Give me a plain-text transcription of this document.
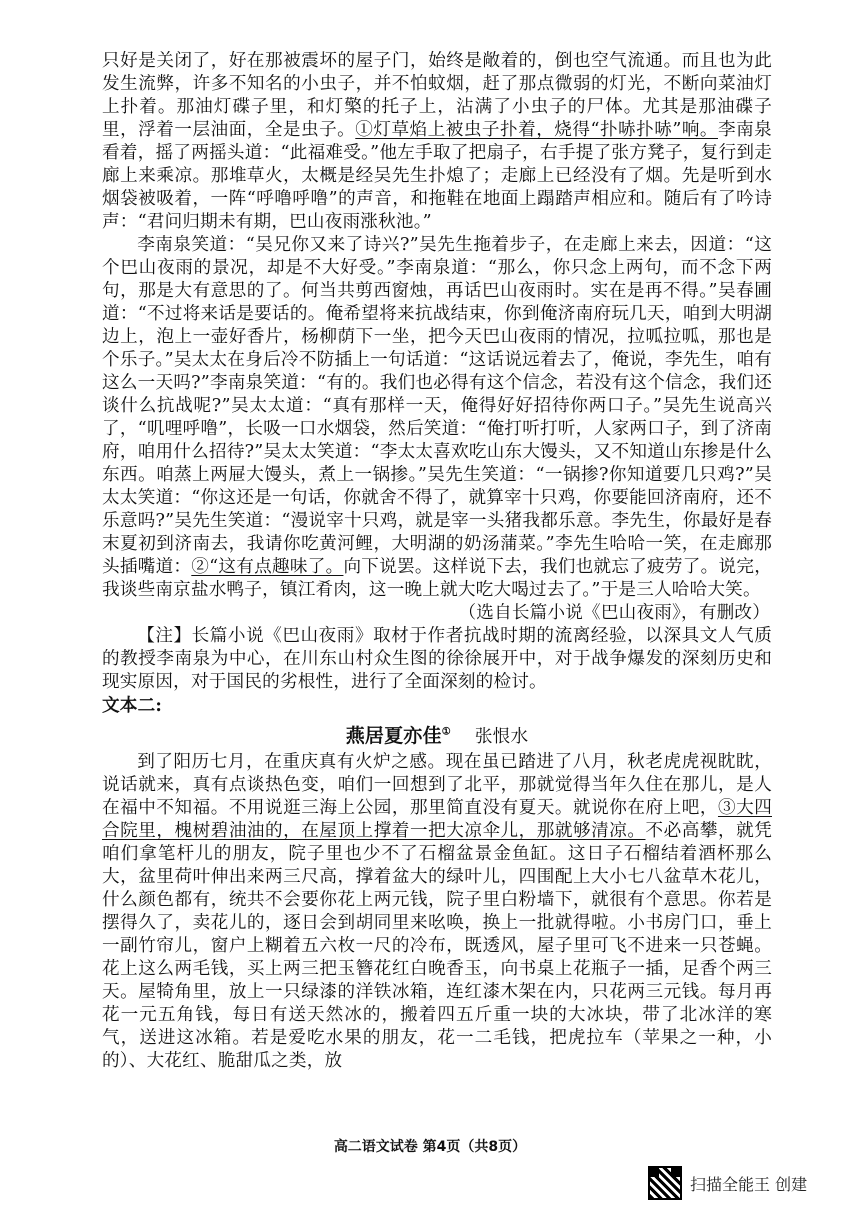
只好是关闭了，好在那被震坏的屋子门，始终是敞着的，倒也空气流通。而且也为此发生流弊，许多不知名的小虫子，并不怕蚊烟，赶了那点微弱的灯光，不断向菜油灯上扑着。那油灯碟子里，和灯檠的托子上，沾满了小虫子的尸体。尤其是那油碟子里，浮着一层油面，全是虫子。①灯草焰上被虫子扑着，烧得“扑哧扑哧”响。李南泉看着，摇了两摇头道：“此福难受。”他左手取了把扇子，右手提了张方凳子，复行到走廊上来乘凉。那堆草火，太概是经吴先生扑熄了；走廊上已经没有了烟。先是听到水烟袋被吸着，一阵“呼噜呼噜”的声音，和拖鞋在地面上蹋踏声相应和。随后有了吟诗声：“君问归期未有期，巴山夜雨涨秋池。”

李南泉笑道：“吴兄你又来了诗兴?”吴先生拖着步子，在走廊上来去，因道：“这个巴山夜雨的景况，却是不大好受。”李南泉道：“那么，你只念上两句，而不念下两句，那是大有意思的了。何当共剪西窗烛，再话巴山夜雨时。实在是再不得。”吴春圃道：“不过将来话是要话的。俺希望将来抗战结束，你到俺济南府玩几天，咱到大明湖边上，泡上一壶好香片，杨柳荫下一坐，把今天巴山夜雨的情况，拉呱拉呱，那也是个乐子。”吴太太在身后冷不防插上一句话道：“这话说远着去了，俺说，李先生，咱有这么一天吗?”李南泉笑道：“有的。我们也必得有这个信念，若没有这个信念，我们还谈什么抗战呢?”吴太太道：“真有那样一天，俺得好好招待你两口子。”吴先生说高兴了，“叽哩呼噜”，长吸一口水烟袋，然后笑道：“俺打听打听，人家两口子，到了济南府，咱用什么招待?”吴太太笑道：“李太太喜欢吃山东大馒头，又不知道山东掺是什么东西。咱蒸上两屉大馒头，煮上一锅掺。”吴先生笑道：“一锅掺?你知道要几只鸡?”吴太太笑道：“你这还是一句话，你就舍不得了，就算宰十只鸡，你要能回济南府，还不乐意吗?”吴先生笑道：“漫说宰十只鸡，就是宰一头猪我都乐意。李先生，你最好是春末夏初到济南去，我请你吃黄河鲤，大明湖的奶汤蒲菜。”李先生哈哈一笑，在走廊那头插嘴道：②“这有点趣味了。向下说罢。这样说下去，我们也就忘了疲劳了。说完，我谈些南京盐水鸭子，镇江肴肉，这一晚上就大吃大喝过去了。”于是三人哈哈大笑。

（选自长篇小说《巴山夜雨》，有删改）

【注】长篇小说《巴山夜雨》取材于作者抗战时期的流离经验，以深具文人气质的教授李南泉为中心，在川东山村众生图的徐徐展开中，对于战争爆发的深刻历史和现实原因，对于国民的劣根性，进行了全面深刻的检讨。

文本二:

燕居夏亦佳① 张恨水

到了阳历七月，在重庆真有火炉之感。现在虽已踏进了八月，秋老虎虎视眈眈，说话就来，真有点谈热色变，咱们一回想到了北平，那就觉得当年久住在那儿，是人在福中不知福。不用说逛三海上公园，那里简直没有夏天。就说你在府上吧，③大四合院里，槐树碧油油的，在屋顶上撑着一把大凉伞儿，那就够清凉。不必高攀，就凭咱们拿笔杆儿的朋友，院子里也少不了石榴盆景金鱼缸。这日子石榴结着酒杯那么大，盆里荷叶伸出来两三尺高，撑着盆大的绿叶儿，四围配上大小七八盆草木花儿，什么颜色都有，统共不会要你花上两元钱，院子里白粉墙下，就很有个意思。你若是摆得久了，卖花儿的，逐日会到胡同里来吆唤，换上一批就得啦。小书房门口，垂上一副竹帘儿，窗户上糊着五六枚一尺的冷布，既透风，屋子里可飞不进来一只苍蝇。花上这么两毛钱，买上两三把玉簪花红白晚香玉，向书桌上花瓶子一插，足香个两三天。屋犄角里，放上一只绿漆的洋铁冰箱，连红漆木架在内，只花两三元钱。每月再花一元五角钱，每日有送天然冰的，搬着四五斤重一块的大冰块，带了北冰洋的寒气，送进这冰箱。若是爱吃水果的朋友，花一二毛钱，把虎拉车（苹果之一种，小的）、大花红、脆甜瓜之类，放

高二语文试卷 第4页（共8页）
扫描全能王 创建
